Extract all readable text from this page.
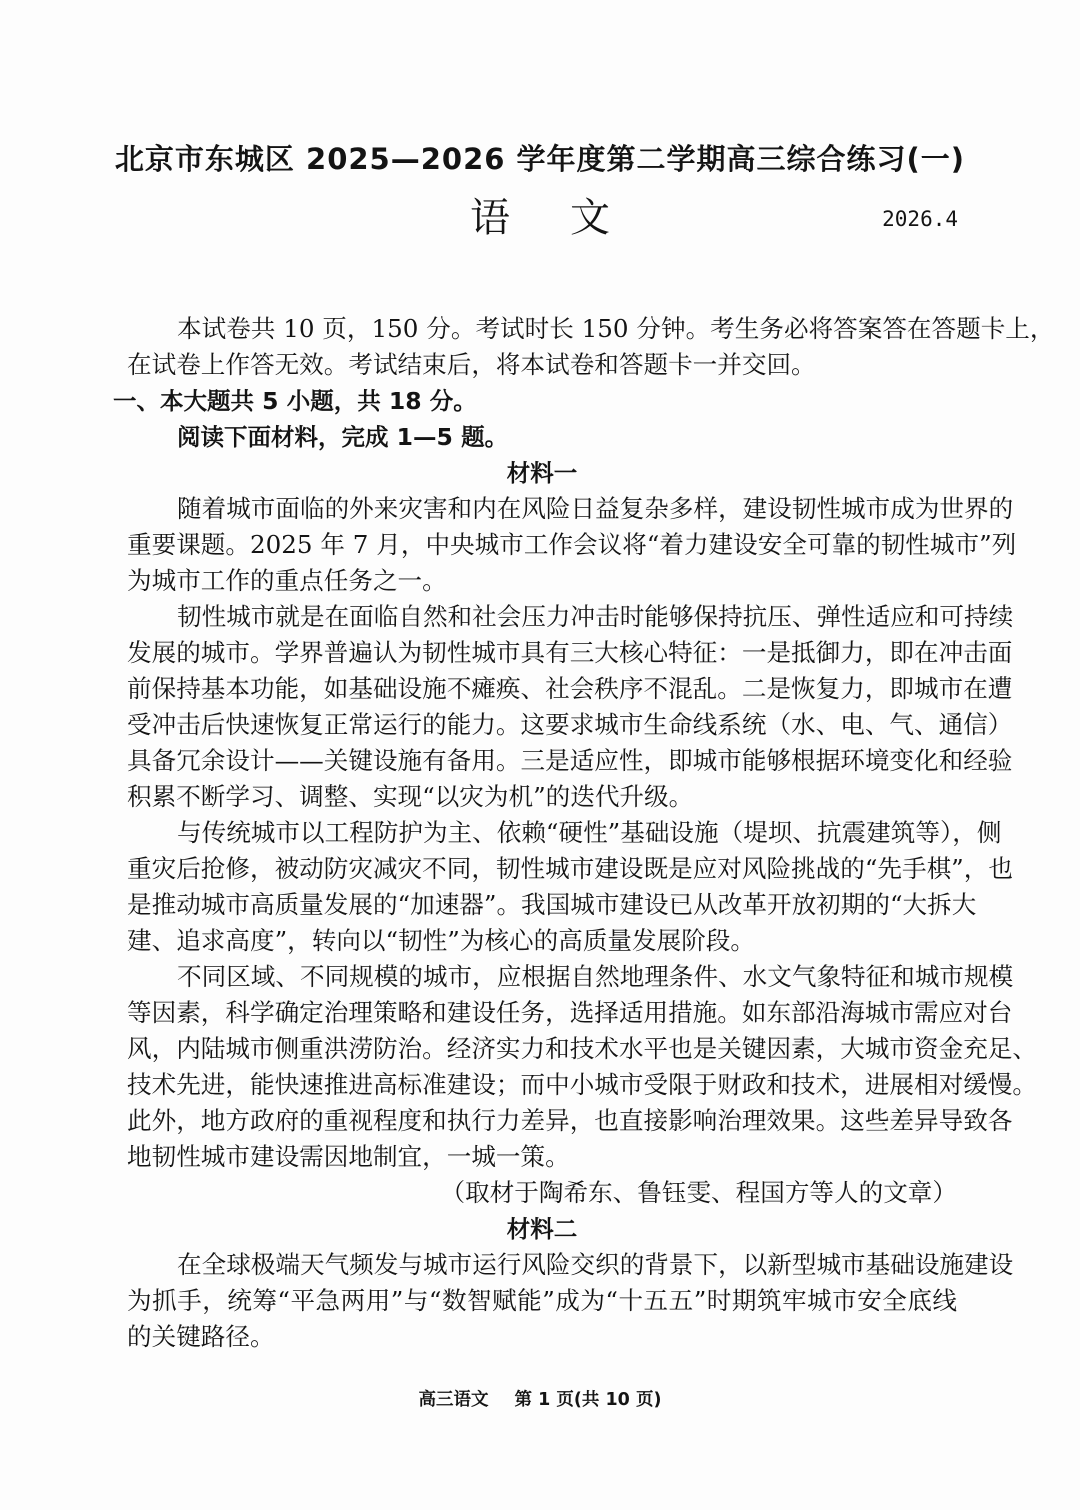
北京市东城区 2025—2026 学年度第二学期高三综合练习(一)
语 文	2026.4
本试卷共 10 页，150 分。考试时长 150 分钟。考生务必将答案答在答题卡上，
在试卷上作答无效。考试结束后，将本试卷和答题卡一并交回。
一、本大题共 5 小题，共 18 分。
阅读下面材料，完成 1—5 题。
材料一
随着城市面临的外来灾害和内在风险日益复杂多样，建设韧性城市成为世界的
重要课题。2025 年 7 月，中央城市工作会议将“着力建设安全可靠的韧性城市”列
为城市工作的重点任务之一。
韧性城市就是在面临自然和社会压力冲击时能够保持抗压、弹性适应和可持续
发展的城市。学界普遍认为韧性城市具有三大核心特征：一是抵御力，即在冲击面
前保持基本功能，如基础设施不瘫痪、社会秩序不混乱。二是恢复力，即城市在遭
受冲击后快速恢复正常运行的能力。这要求城市生命线系统（水、电、气、通信）
具备冗余设计——关键设施有备用。三是适应性，即城市能够根据环境变化和经验
积累不断学习、调整、实现“以灾为机”的迭代升级。
与传统城市以工程防护为主、依赖“硬性”基础设施（堤坝、抗震建筑等），侧
重灾后抢修，被动防灾减灾不同，韧性城市建设既是应对风险挑战的“先手棋”，也
是推动城市高质量发展的“加速器”。我国城市建设已从改革开放初期的“大拆大
建、追求高度”，转向以“韧性”为核心的高质量发展阶段。
不同区域、不同规模的城市，应根据自然地理条件、水文气象特征和城市规模
等因素，科学确定治理策略和建设任务，选择适用措施。如东部沿海城市需应对台
风，内陆城市侧重洪涝防治。经济实力和技术水平也是关键因素，大城市资金充足、
技术先进，能快速推进高标准建设；而中小城市受限于财政和技术，进展相对缓慢。
此外，地方政府的重视程度和执行力差异，也直接影响治理效果。这些差异导致各
地韧性城市建设需因地制宜，一城一策。
（取材于陶希东、鲁钰雯、程国方等人的文章）
材料二
在全球极端天气频发与城市运行风险交织的背景下，以新型城市基础设施建设
为抓手，统筹“平急两用”与“数智赋能”成为“十五五”时期筑牢城市安全底线
的关键路径。
高三语文 第 1 页(共 10 页)
